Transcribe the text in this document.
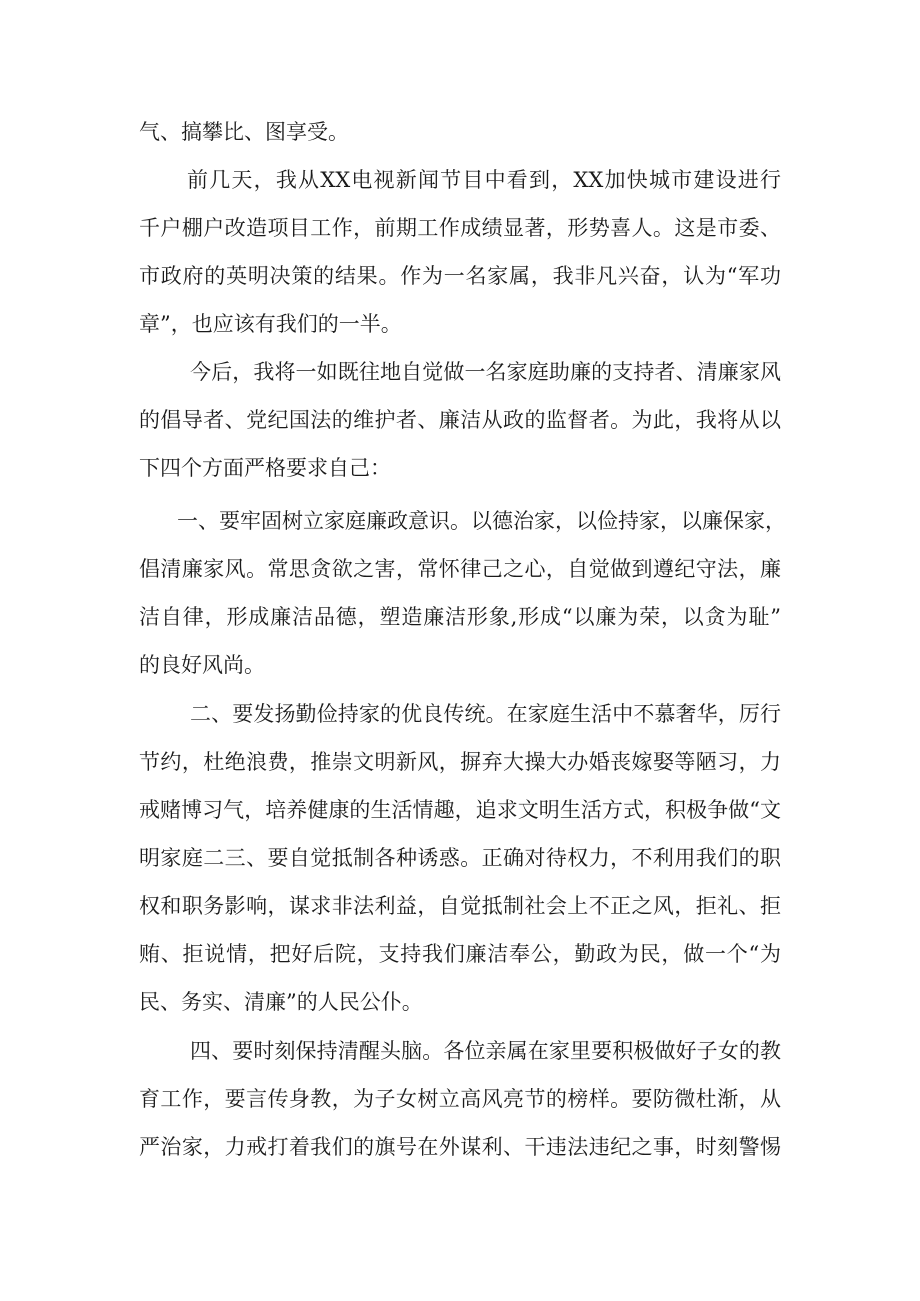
气、搞攀比、图享受。
前几天，我从XX电视新闻节目中看到，XX加快城市建设进行
千户棚户改造项目工作，前期工作成绩显著，形势喜人。这是市委、
市政府的英明决策的结果。作为一名家属，我非凡兴奋，认为“军功
章”，也应该有我们的一半。
今后，我将一如既往地自觉做一名家庭助廉的支持者、清廉家风
的倡导者、党纪国法的维护者、廉洁从政的监督者。为此，我将从以
下四个方面严格要求自己：
一、要牢固树立家庭廉政意识。以德治家，以俭持家，以廉保家，
倡清廉家风。常思贪欲之害，常怀律己之心，自觉做到遵纪守法，廉
洁自律，形成廉洁品德，塑造廉洁形象,形成“以廉为荣，以贪为耻”
的良好风尚。
二、要发扬勤俭持家的优良传统。在家庭生活中不慕奢华，厉行
节约，杜绝浪费，推崇文明新风，摒弃大操大办婚丧嫁娶等陋习，力
戒赌博习气，培养健康的生活情趣，追求文明生活方式，积极争做“文
明家庭二三、要自觉抵制各种诱惑。正确对待权力，不利用我们的职
权和职务影响，谋求非法利益，自觉抵制社会上不正之风，拒礼、拒
贿、拒说情，把好后院，支持我们廉洁奉公，勤政为民，做一个“为
民、务实、清廉”的人民公仆。
四、要时刻保持清醒头脑。各位亲属在家里要积极做好子女的教
育工作，要言传身教，为子女树立高风亮节的榜样。要防微杜渐，从
严治家，力戒打着我们的旗号在外谋利、干违法违纪之事，时刻警惕
